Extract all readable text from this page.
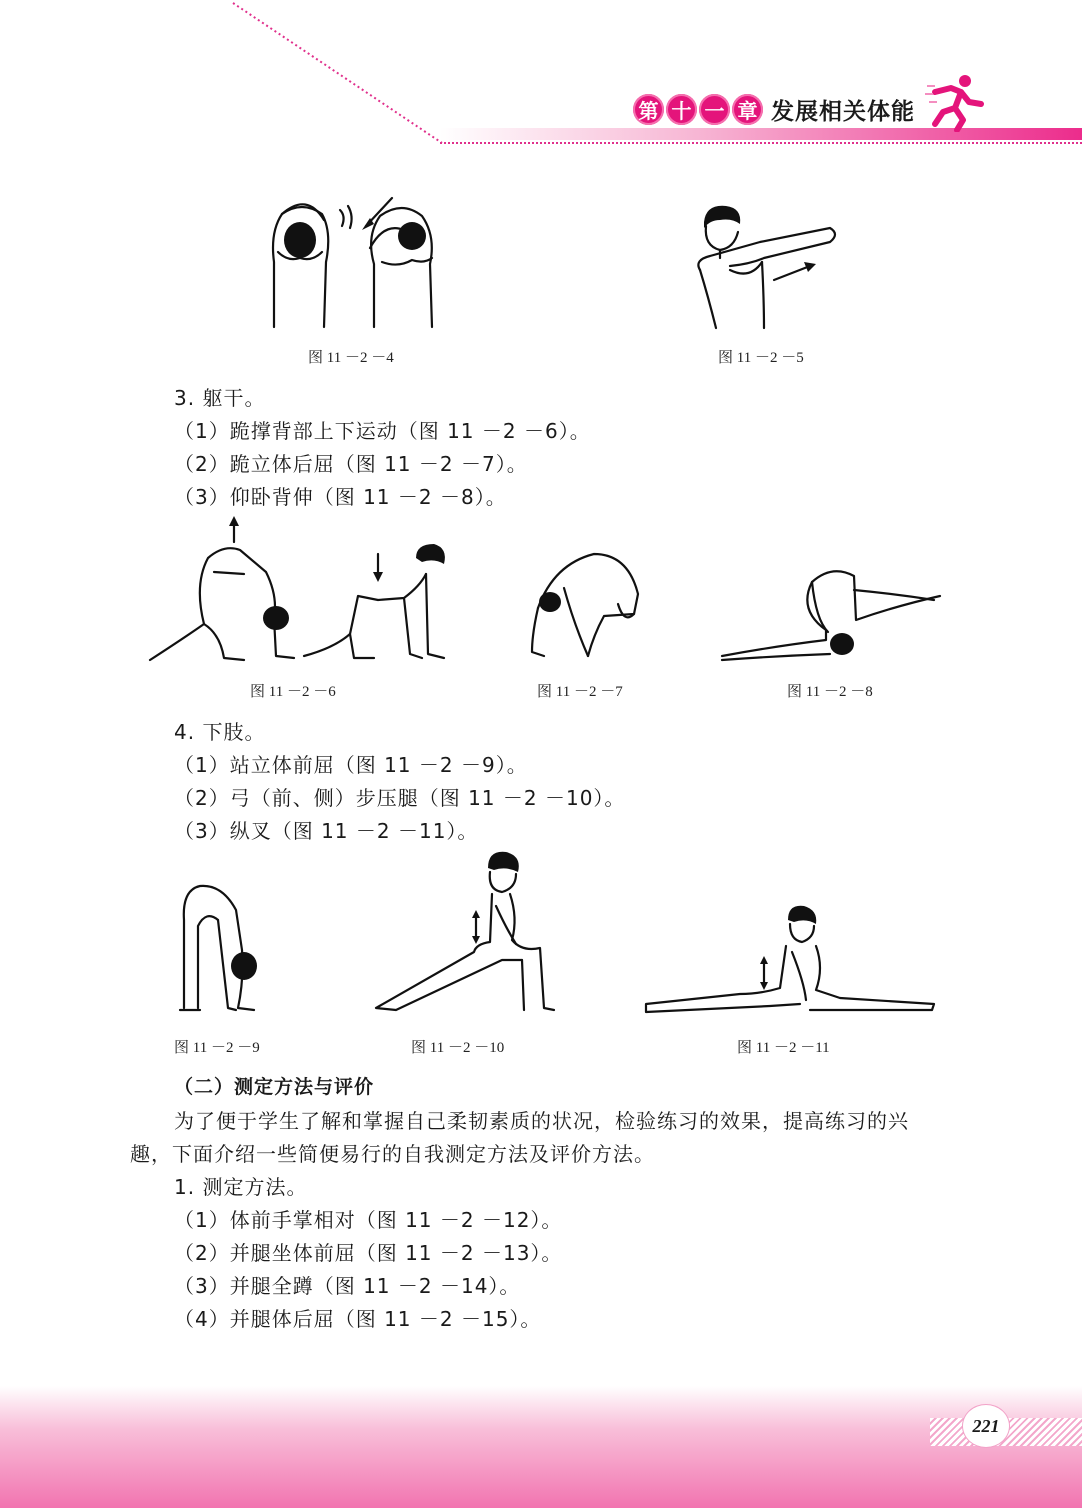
第 十 一 章 发展相关体能
图 11 －2 －4	图 11 －2 －5
3. 躯干。
（1）跪撑背部上下运动（图 11 －2 －6）。
（2）跪立体后屈（图 11 －2 －7）。
（3）仰卧背伸（图 11 －2 －8）。
图 11 －2 －6	图 11 －2 －7	图 11 －2 －8
4. 下肢。
（1）站立体前屈（图 11 －2 －9）。
（2）弓（前、侧）步压腿（图 11 －2 －10）。
（3）纵叉（图 11 －2 －11）。
图 11 －2 －9	图 11 －2 －10	图 11 －2 －11
（二）测定方法与评价
为了便于学生了解和掌握自己柔韧素质的状况，检验练习的效果，提高练习的兴
趣，下面介绍一些简便易行的自我测定方法及评价方法。
1. 测定方法。
（1）体前手掌相对（图 11 －2 －12）。
（2）并腿坐体前屈（图 11 －2 －13）。
（3）并腿全蹲（图 11 －2 －14）。
（4）并腿体后屈（图 11 －2 －15）。
221
